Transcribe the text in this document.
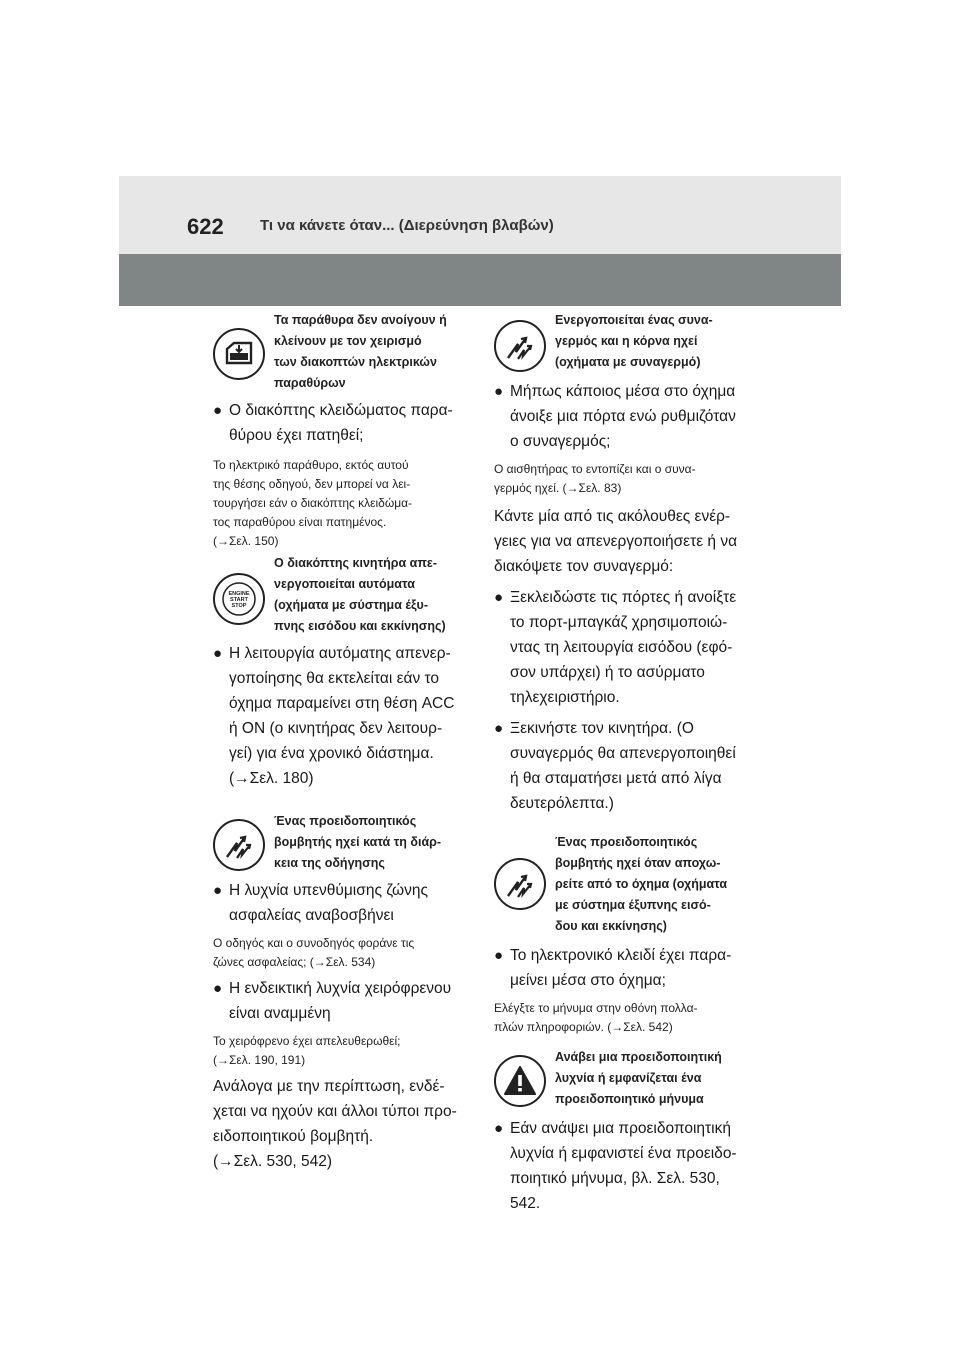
622 Τι να κάνετε όταν... (Διερεύνηση βλαβών)
Τα παράθυρα δεν ανοίγουν ή
κλείνουν με τον χειρισμό
των διακοπτών ηλεκτρικών
παραθύρων
● Ο διακόπτης κλειδώματος παρα-
θύρου έχει πατηθεί;
Το ηλεκτρικό παράθυρο, εκτός αυτού
της θέσης οδηγού, δεν μπορεί να λει-
τουργήσει εάν ο διακόπτης κλειδώμα-
τος παραθύρου είναι πατημένος.
(→Σελ. 150)
ENGINE
START
STOP
Ο διακόπτης κινητήρα απε-
νεργοποιείται αυτόματα
(οχήματα με σύστημα έξυ-
πνης εισόδου και εκκίνησης)
● Η λειτουργία αυτόματης απενερ-
γοποίησης θα εκτελείται εάν το
όχημα παραμείνει στη θέση ACC
ή ON (ο κινητήρας δεν λειτουρ-
γεί) για ένα χρονικό διάστημα.
(→Σελ. 180)
Ένας προειδοποιητικός
βομβητής ηχεί κατά τη διάρ-
κεια της οδήγησης
● Η λυχνία υπενθύμισης ζώνης
ασφαλείας αναβοσβήνει
Ο οδηγός και ο συνοδηγός φοράνε τις
ζώνες ασφαλείας; (→Σελ. 534)
● Η ενδεικτική λυχνία χειρόφρενου
είναι αναμμένη
Το χειρόφρενο έχει απελευθερωθεί;
(→Σελ. 190, 191)
Ανάλογα με την περίπτωση, ενδέ-
χεται να ηχούν και άλλοι τύποι προ-
ειδοποιητικού βομβητή.
(→Σελ. 530, 542)
Ενεργοποιείται ένας συνα-
γερμός και η κόρνα ηχεί
(οχήματα με συναγερμό)
● Μήπως κάποιος μέσα στο όχημα
άνοιξε μια πόρτα ενώ ρυθμιζόταν
ο συναγερμός;
Ο αισθητήρας το εντοπίζει και ο συνα-
γερμός ηχεί. (→Σελ. 83)
Κάντε μία από τις ακόλουθες ενέρ-
γειες για να απενεργοποιήσετε ή να
διακόψετε τον συναγερμό:
● Ξεκλειδώστε τις πόρτες ή ανοίξτε
το πορτ-μπαγκάζ χρησιμοποιώ-
ντας τη λειτουργία εισόδου (εφό-
σον υπάρχει) ή το ασύρματο
τηλεχειριστήριο.
● Ξεκινήστε τον κινητήρα. (Ο
συναγερμός θα απενεργοποιηθεί
ή θα σταματήσει μετά από λίγα
δευτερόλεπτα.)
Ένας προειδοποιητικός
βομβητής ηχεί όταν αποχω-
ρείτε από το όχημα (οχήματα
με σύστημα έξυπνης εισό-
δου και εκκίνησης)
● Το ηλεκτρονικό κλειδί έχει παρα-
μείνει μέσα στο όχημα;
Ελέγξτε το μήνυμα στην οθόνη πολλα-
πλών πληροφοριών. (→Σελ. 542)
Ανάβει μια προειδοποιητική
λυχνία ή εμφανίζεται ένα
προειδοποιητικό μήνυμα
● Εάν ανάψει μια προειδοποιητική
λυχνία ή εμφανιστεί ένα προειδο-
ποιητικό μήνυμα, βλ. Σελ. 530,
542.
